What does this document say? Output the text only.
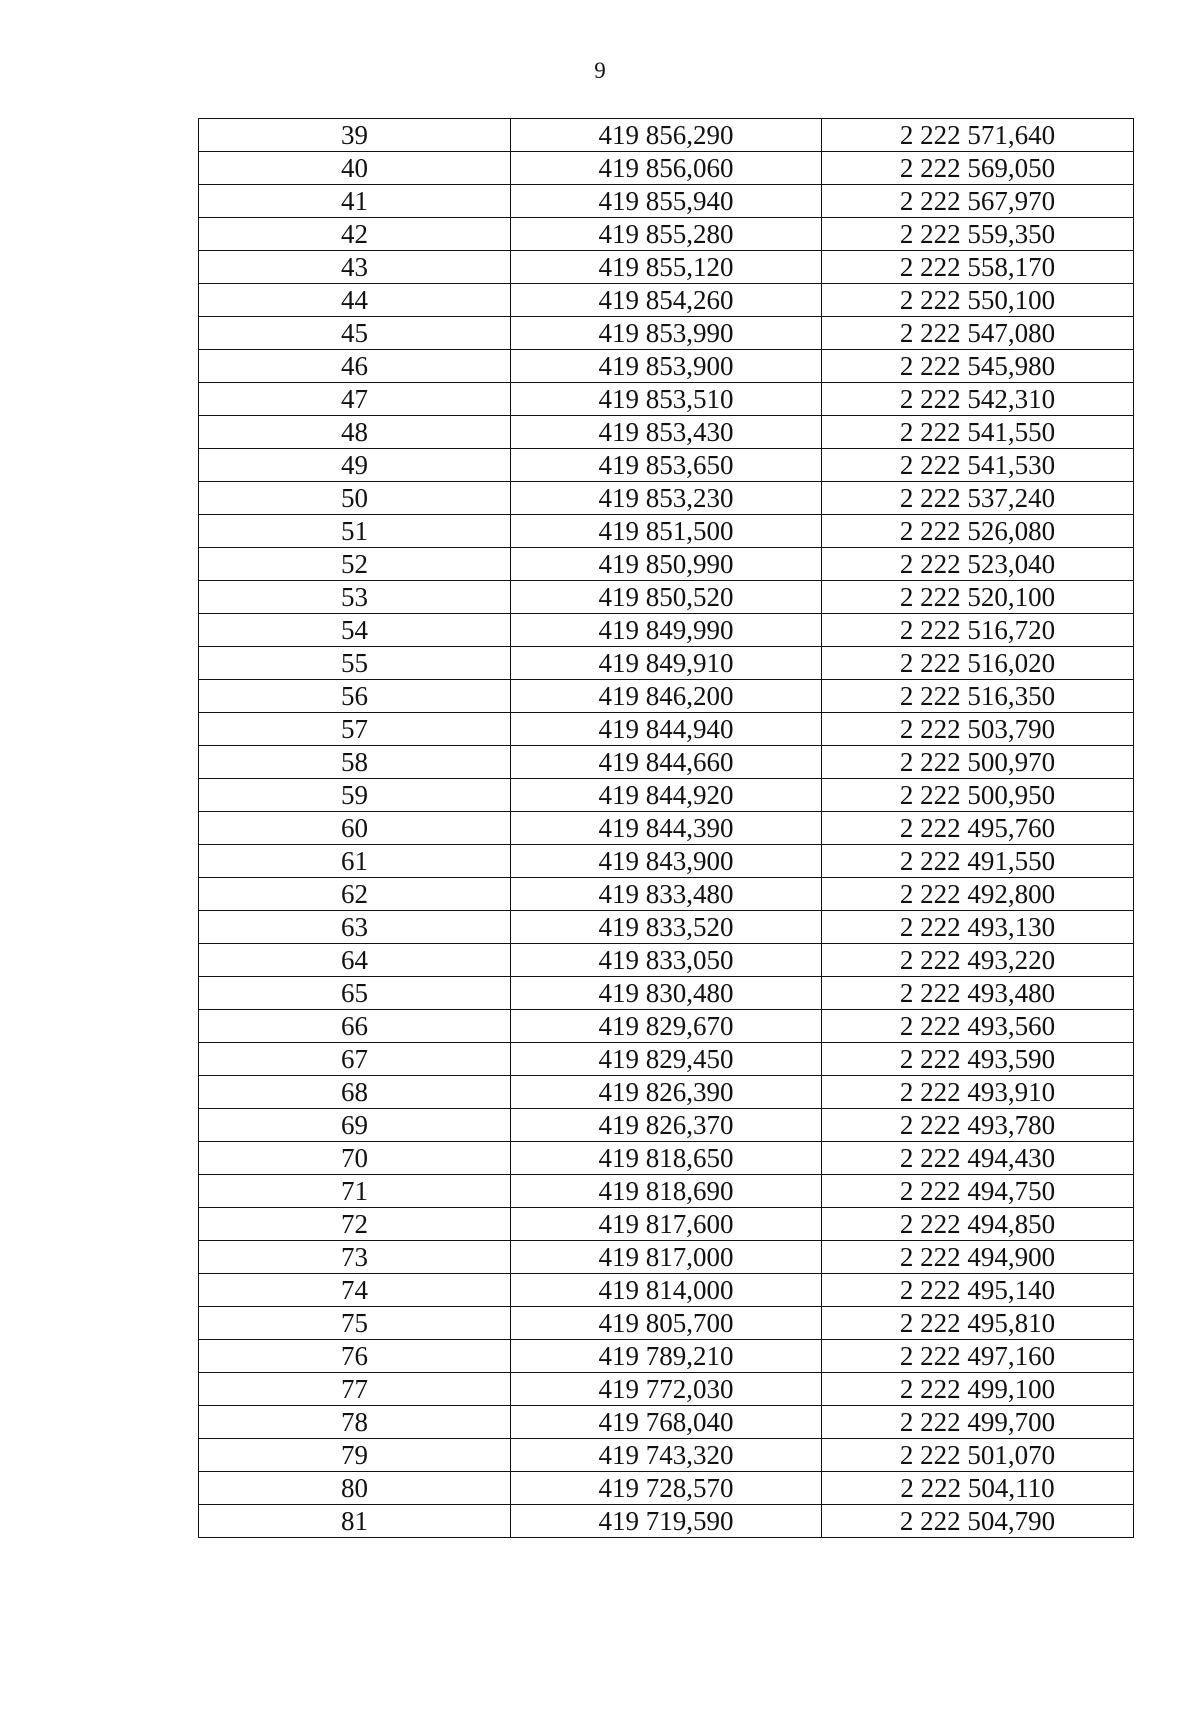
9
39	419 856,290	2 222 571,640
40	419 856,060	2 222 569,050
41	419 855,940	2 222 567,970
42	419 855,280	2 222 559,350
43	419 855,120	2 222 558,170
44	419 854,260	2 222 550,100
45	419 853,990	2 222 547,080
46	419 853,900	2 222 545,980
47	419 853,510	2 222 542,310
48	419 853,430	2 222 541,550
49	419 853,650	2 222 541,530
50	419 853,230	2 222 537,240
51	419 851,500	2 222 526,080
52	419 850,990	2 222 523,040
53	419 850,520	2 222 520,100
54	419 849,990	2 222 516,720
55	419 849,910	2 222 516,020
56	419 846,200	2 222 516,350
57	419 844,940	2 222 503,790
58	419 844,660	2 222 500,970
59	419 844,920	2 222 500,950
60	419 844,390	2 222 495,760
61	419 843,900	2 222 491,550
62	419 833,480	2 222 492,800
63	419 833,520	2 222 493,130
64	419 833,050	2 222 493,220
65	419 830,480	2 222 493,480
66	419 829,670	2 222 493,560
67	419 829,450	2 222 493,590
68	419 826,390	2 222 493,910
69	419 826,370	2 222 493,780
70	419 818,650	2 222 494,430
71	419 818,690	2 222 494,750
72	419 817,600	2 222 494,850
73	419 817,000	2 222 494,900
74	419 814,000	2 222 495,140
75	419 805,700	2 222 495,810
76	419 789,210	2 222 497,160
77	419 772,030	2 222 499,100
78	419 768,040	2 222 499,700
79	419 743,320	2 222 501,070
80	419 728,570	2 222 504,110
81	419 719,590	2 222 504,790
